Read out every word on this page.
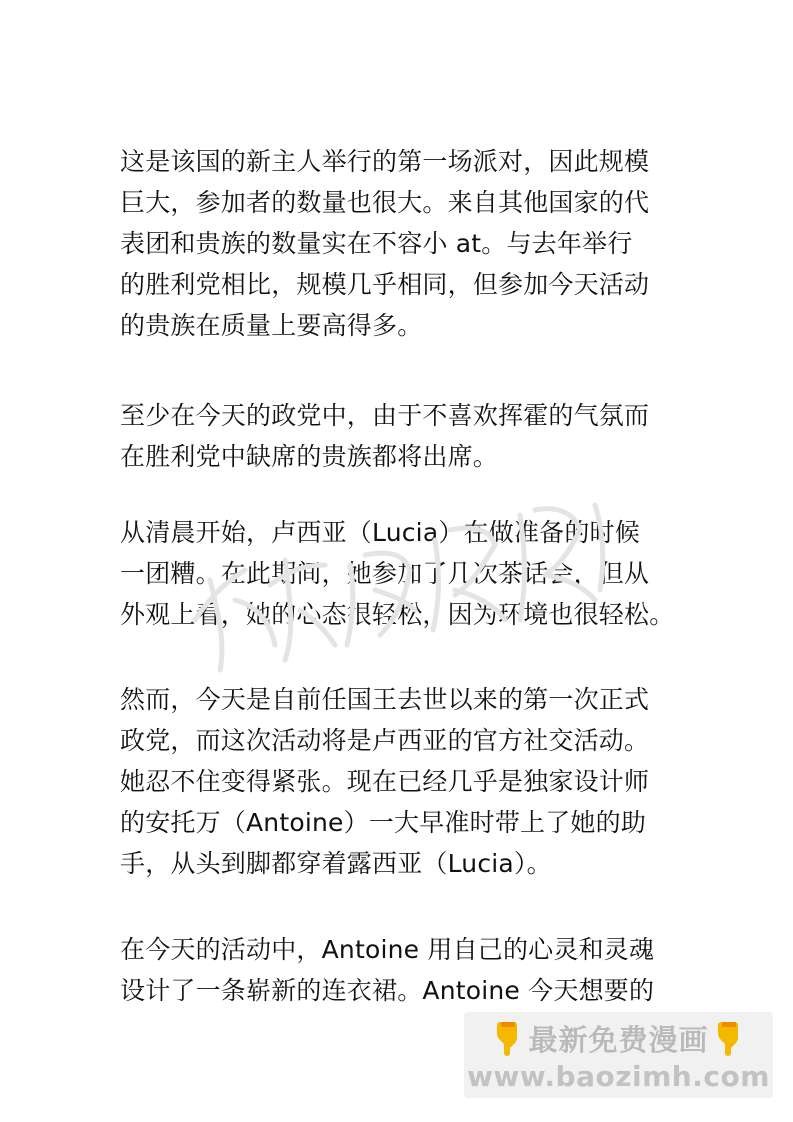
这是该国的新主人举行的第一场派对，因此规模
巨大，参加者的数量也很大。来自其他国家的代
表团和贵族的数量实在不容小 at。与去年举行
的胜利党相比，规模几乎相同，但参加今天活动
的贵族在质量上要高得多。
至少在今天的政党中，由于不喜欢挥霍的气氛而
在胜利党中缺席的贵族都将出席。
从清晨开始，卢西亚（Lucia）在做准备的时候
一团糟。在此期间，她参加了几次茶话会，但从
外观上看，她的心态很轻松，因为环境也很轻松。
然而，今天是自前任国王去世以来的第一次正式
政党，而这次活动将是卢西亚的官方社交活动。
她忍不住变得紧张。现在已经几乎是独家设计师
的安托万（Antoine）一大早准时带上了她的助
手，从头到脚都穿着露西亚（Lucia）。
在今天的活动中，Antoine 用自己的心灵和灵魂
设计了一条崭新的连衣裙。Antoine 今天想要的
最新免费漫画
www.baozimh.com
